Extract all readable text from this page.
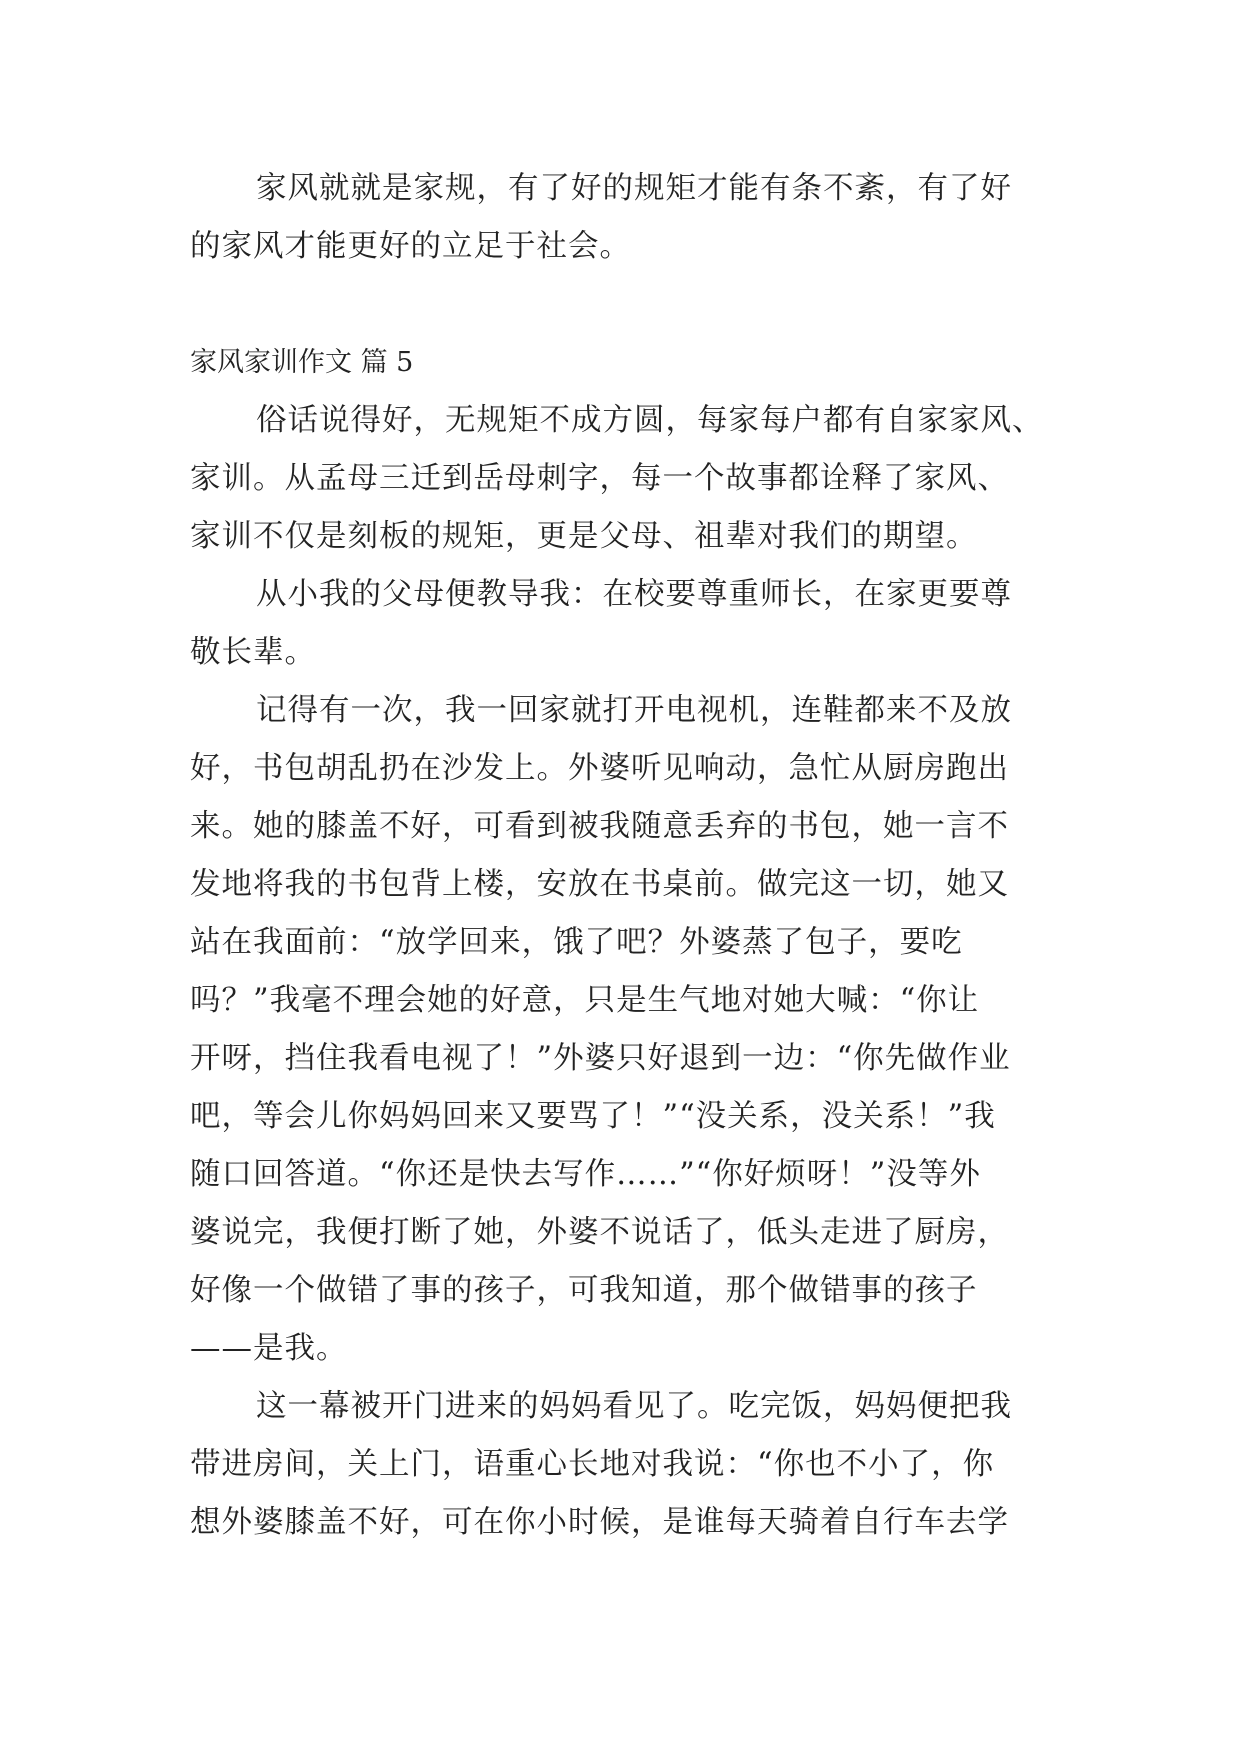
家风就就是家规，有了好的规矩才能有条不紊，有了好
的家风才能更好的立足于社会。
家风家训作文 篇 5
俗话说得好，无规矩不成方圆，每家每户都有自家家风、
家训。从孟母三迁到岳母刺字，每一个故事都诠释了家风、
家训不仅是刻板的规矩，更是父母、祖辈对我们的期望。
从小我的父母便教导我：在校要尊重师长，在家更要尊
敬长辈。
记得有一次，我一回家就打开电视机，连鞋都来不及放
好，书包胡乱扔在沙发上。外婆听见响动，急忙从厨房跑出
来。她的膝盖不好，可看到被我随意丢弃的书包，她一言不
发地将我的书包背上楼，安放在书桌前。做完这一切，她又
站在我面前：“放学回来，饿了吧？外婆蒸了包子，要吃
吗？”我毫不理会她的好意，只是生气地对她大喊：“你让
开呀，挡住我看电视了！”外婆只好退到一边：“你先做作业
吧，等会儿你妈妈回来又要骂了！”“没关系，没关系！”我
随口回答道。“你还是快去写作……”“你好烦呀！”没等外
婆说完，我便打断了她，外婆不说话了，低头走进了厨房，
好像一个做错了事的孩子，可我知道，那个做错事的孩子
——是我。
这一幕被开门进来的妈妈看见了。吃完饭，妈妈便把我
带进房间，关上门，语重心长地对我说：“你也不小了，你
想外婆膝盖不好，可在你小时候，是谁每天骑着自行车去学
